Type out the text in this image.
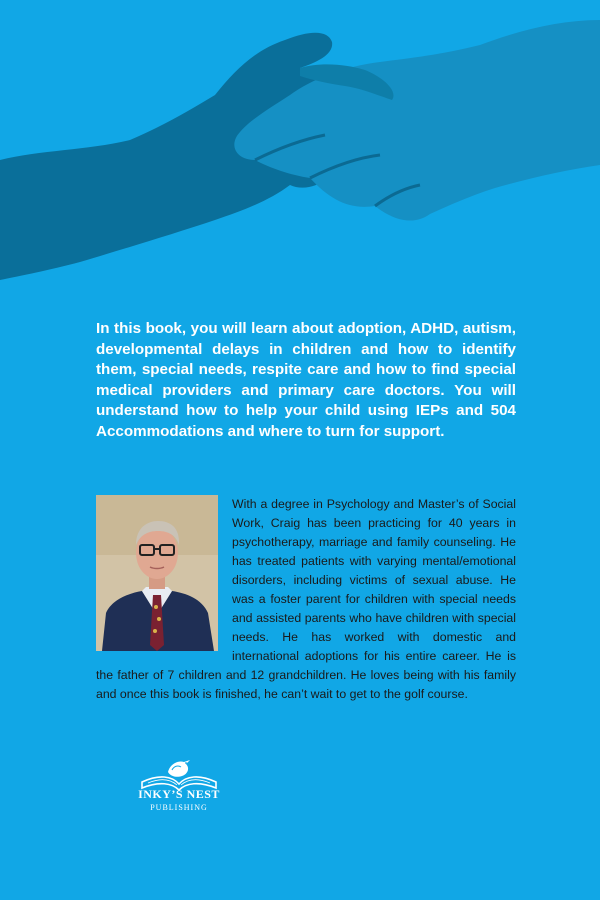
In this book, you will learn about adoption, ADHD, autism, developmental delays in children and how to identify them, special needs, respite care and how to find special medical providers and primary care doctors. You will understand how to help your child using IEPs and 504 Accommodations and where to turn for support.

With a degree in Psychology and Master’s of Social Work, Craig has been practicing for 40 years in psychotherapy, marriage and family counseling. He has treated patients with varying mental/emotional disorders, including victims of sexual abuse. He was a foster parent for children with special needs and assisted parents who have children with special needs. He has worked with domestic and international adoptions for his entire career. He is the father of 7 children and 12 grandchildren. He loves being with his family and once this book is finished, he can’t wait to get to the golf course.

INKY’S NEST
PUBLISHING
